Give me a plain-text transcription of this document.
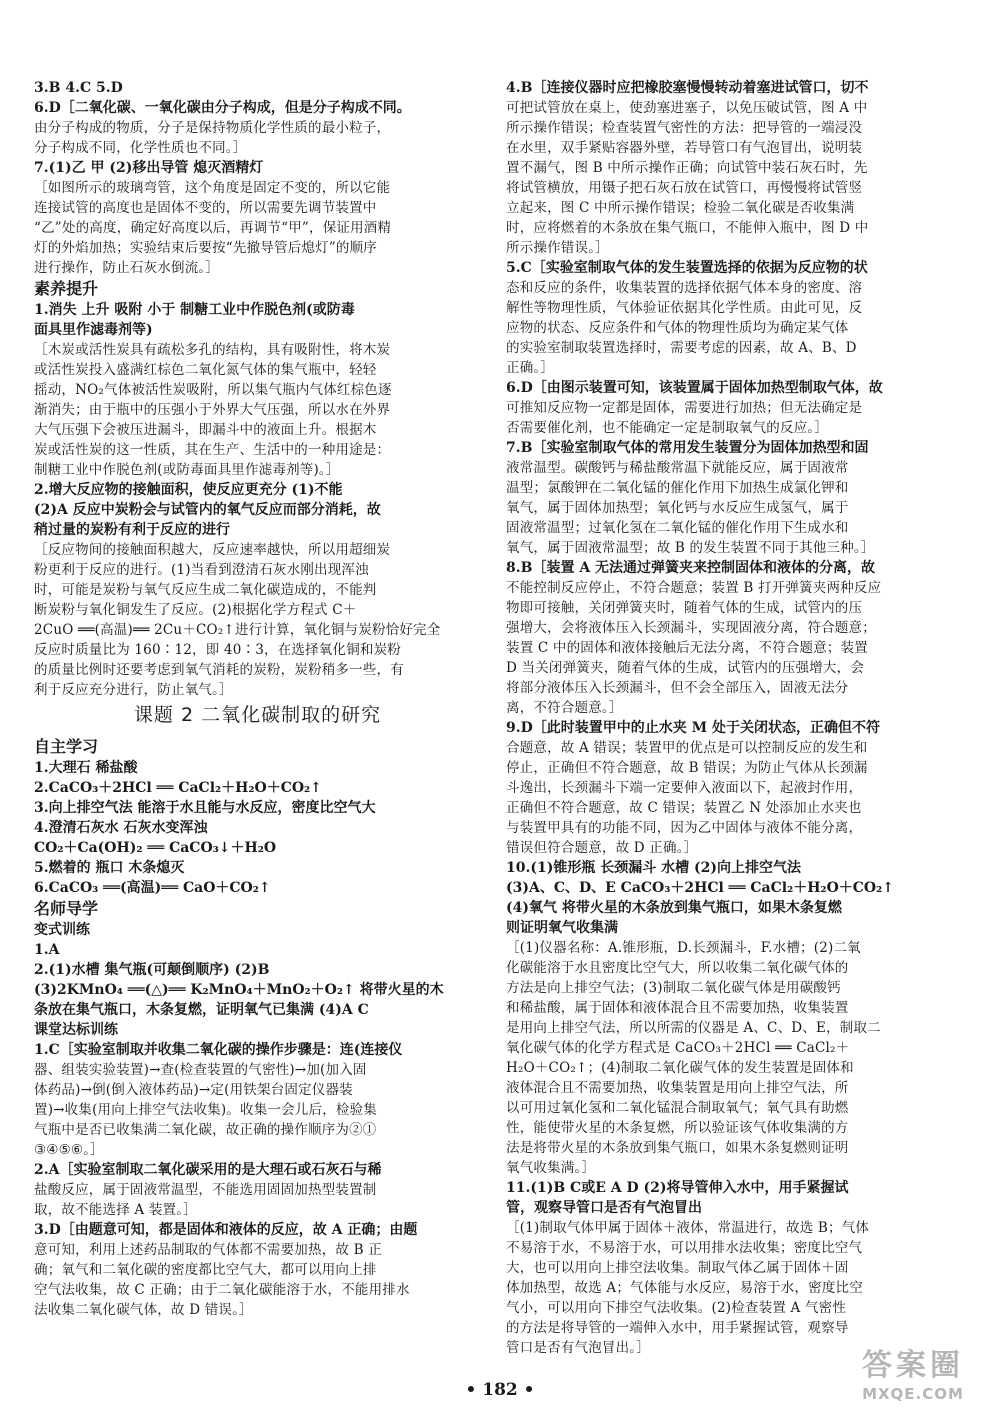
3.B 4.C 5.D

6.D［二氧化碳、一氧化碳由分子构成，但是分子构成不同。

由分子构成的物质，分子是保持物质化学性质的最小粒子，

分子构成不同，化学性质也不同。］

7.(1)乙 甲 (2)移出导管 熄灭酒精灯

［如图所示的玻璃弯管，这个角度是固定不变的，所以它能

连接试管的高度也是固体不变的，所以需要先调节装置中

“乙”处的高度，确定好高度以后，再调节“甲”，保证用酒精

灯的外焰加热；实验结束后要按“先撤导管后熄灯”的顺序

进行操作，防止石灰水倒流。］

素养提升

1.消失 上升 吸附 小于 制糖工业中作脱色剂(或防毒

面具里作滤毒剂等)

［木炭或活性炭具有疏松多孔的结构，具有吸附性，将木炭

或活性炭投入盛满红棕色二氧化氮气体的集气瓶中，轻轻

摇动，NO₂气体被活性炭吸附，所以集气瓶内气体红棕色逐

渐消失；由于瓶中的压强小于外界大气压强，所以水在外界

大气压强下会被压进漏斗，即漏斗中的液面上升。根据木

炭或活性炭的这一性质，其在生产、生活中的一种用途是：

制糖工业中作脱色剂(或防毒面具里作滤毒剂等)。］

2.增大反应物的接触面积，使反应更充分 (1)不能

(2)A 反应中炭粉会与试管内的氧气反应而部分消耗，故

稍过量的炭粉有利于反应的进行

［反应物间的接触面积越大，反应速率越快，所以用超细炭

粉更利于反应的进行。(1)当看到澄清石灰水刚出现浑浊

时，可能是炭粉与氧气反应生成二氧化碳造成的，不能判

断炭粉与氧化铜发生了反应。(2)根据化学方程式 C＋

2CuO ══(高温)══ 2Cu＋CO₂↑进行计算，氧化铜与炭粉恰好完全

反应时质量比为 160∶12，即 40∶3，在选择氧化铜和炭粉

的质量比例时还要考虑到氧气消耗的炭粉，炭粉稍多一些，有

利于反应充分进行，防止氧气。］

课题 2 二氧化碳制取的研究

自主学习

1.大理石 稀盐酸

2.CaCO₃＋2HCl ══ CaCl₂＋H₂O＋CO₂↑

3.向上排空气法 能溶于水且能与水反应，密度比空气大

4.澄清石灰水 石灰水变浑浊

CO₂＋Ca(OH)₂ ══ CaCO₃↓＋H₂O

5.燃着的 瓶口 木条熄灭

6.CaCO₃ ══(高温)══ CaO＋CO₂↑

名师导学

变式训练

1.A

2.(1)水槽 集气瓶(可颠倒顺序) (2)B

(3)2KMnO₄ ══(△)══ K₂MnO₄＋MnO₂＋O₂↑ 将带火星的木

条放在集气瓶口，木条复燃，证明氧气已集满 (4)A C

课堂达标训练

1.C［实验室制取并收集二氧化碳的操作步骤是：连(连接仪

器、组装实验装置)→查(检查装置的气密性)→加(加入固

体药品)→倒(倒入液体药品)→定(用铁架台固定仪器装

置)→收集(用向上排空气法收集)。收集一会儿后，检验集

气瓶中是否已收集满二氧化碳，故正确的操作顺序为②①

③④⑤⑥。］

2.A［实验室制取二氧化碳采用的是大理石或石灰石与稀

盐酸反应，属于固液常温型，不能选用固固加热型装置制

取，故不能选择 A 装置。］

3.D［由题意可知，都是固体和液体的反应，故 A 正确；由题

意可知，利用上述药品制取的气体都不需要加热，故 B 正

确；氧气和二氧化碳的密度都比空气大，都可以用向上排

空气法收集，故 C 正确；由于二氧化碳能溶于水，不能用排水

法收集二氧化碳气体，故 D 错误。］

4.B［连接仪器时应把橡胶塞慢慢转动着塞进试管口，切不

可把试管放在桌上，使劲塞进塞子，以免压破试管，图 A 中

所示操作错误；检查装置气密性的方法：把导管的一端浸没

在水里，双手紧贴容器外壁，若导管口有气泡冒出，说明装

置不漏气，图 B 中所示操作正确；向试管中装石灰石时，先

将试管横放，用镊子把石灰石放在试管口，再慢慢将试管竖

立起来，图 C 中所示操作错误；检验二氧化碳是否收集满

时，应将燃着的木条放在集气瓶口，不能伸入瓶中，图 D 中

所示操作错误。］

5.C［实验室制取气体的发生装置选择的依据为反应物的状

态和反应的条件，收集装置的选择依据气体本身的密度、溶

解性等物理性质，气体验证依据其化学性质。由此可见，反

应物的状态、反应条件和气体的物理性质均为确定某气体

的实验室制取装置选择时，需要考虑的因素，故 A、B、D

正确。］

6.D［由图示装置可知，该装置属于固体加热型制取气体，故

可推知反应物一定都是固体，需要进行加热；但无法确定是

否需要催化剂，也不能确定一定是制取氧气的反应。］

7.B［实验室制取气体的常用发生装置分为固体加热型和固

液常温型。碳酸钙与稀盐酸常温下就能反应，属于固液常

温型；氯酸钾在二氧化锰的催化作用下加热生成氯化钾和

氧气，属于固体加热型；氧化钙与水反应生成氢气，属于

固液常温型；过氧化氢在二氧化锰的催化作用下生成水和

氧气，属于固液常温型；故 B 的发生装置不同于其他三种。］

8.B［装置 A 无法通过弹簧夹来控制固体和液体的分离，故

不能控制反应停止，不符合题意；装置 B 打开弹簧夹两种反应

物即可接触，关闭弹簧夹时，随着气体的生成，试管内的压

强增大，会将液体压入长颈漏斗，实现固液分离，符合题意；

装置 C 中的固体和液体接触后无法分离，不符合题意；装置

D 当关闭弹簧夹，随着气体的生成，试管内的压强增大，会

将部分液体压入长颈漏斗，但不会全部压入，固液无法分

离，不符合题意。］

9.D［此时装置甲中的止水夹 M 处于关闭状态，正确但不符

合题意，故 A 错误；装置甲的优点是可以控制反应的发生和

停止，正确但不符合题意，故 B 错误；为防止气体从长颈漏

斗逸出，长颈漏斗下端一定要伸入液面以下，起液封作用，

正确但不符合题意，故 C 错误；装置乙 N 处添加止水夹也

与装置甲具有的功能不同，因为乙中固体与液体不能分离，

错误但符合题意，故 D 正确。］

10.(1)锥形瓶 长颈漏斗 水槽 (2)向上排空气法

(3)A、C、D、E CaCO₃＋2HCl ══ CaCl₂＋H₂O＋CO₂↑

(4)氧气 将带火星的木条放到集气瓶口，如果木条复燃

则证明氧气收集满

［(1)仪器名称：A.锥形瓶，D.长颈漏斗，F.水槽；(2)二氧

化碳能溶于水且密度比空气大，所以收集二氧化碳气体的

方法是向上排空气法；(3)制取二氧化碳气体是用碳酸钙

和稀盐酸，属于固体和液体混合且不需要加热，收集装置

是用向上排空气法，所以所需的仪器是 A、C、D、E，制取二

氧化碳气体的化学方程式是 CaCO₃＋2HCl ══ CaCl₂＋

H₂O＋CO₂↑；(4)制取二氧化碳气体的发生装置是固体和

液体混合且不需要加热，收集装置是用向上排空气法，所

以可用过氧化氢和二氧化锰混合制取氧气；氧气具有助燃

性，能使带火星的木条复燃，所以验证该气体收集满的方

法是将带火星的木条放到集气瓶口，如果木条复燃则证明

氧气收集满。］

11.(1)B C或E A D (2)将导管伸入水中，用手紧握试

管，观察导管口是否有气泡冒出

［(1)制取气体甲属于固体＋液体，常温进行，故选 B；气体

不易溶于水，不易溶于水，可以用排水法收集；密度比空气

大，也可以用向上排空法收集。制取气体乙属于固体＋固

体加热型，故选 A；气体能与水反应，易溶于水，密度比空

气小，可以用向下排空气法收集。(2)检查装置 A 气密性

的方法是将导管的一端伸入水中，用手紧握试管，观察导

管口是否有气泡冒出。］

• 182 •
答案圈
MXQE.COM
